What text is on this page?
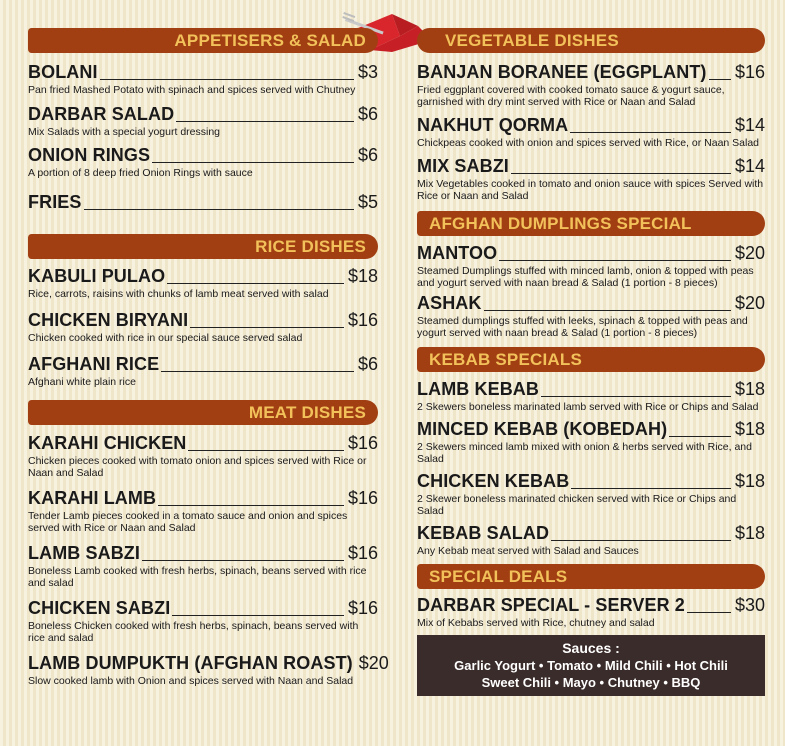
APPETISERS & SALAD
BOLANI	$3
Pan fried Mashed Potato with spinach and spices served with Chutney
DARBAR SALAD	$6
Mix Salads with a special yogurt dressing
ONION RINGS	$6
A portion of 8 deep fried Onion Rings with sauce
FRIES	$5
RICE DISHES
KABULI PULAO	$18
Rice, carrots, raisins with chunks of lamb meat served with salad
CHICKEN BIRYANI	$16
Chicken cooked with rice in our special sauce served salad
AFGHANI RICE	$6
Afghani white plain rice
MEAT DISHES
KARAHI CHICKEN	$16
Chicken pieces cooked with tomato onion and spices served with Rice or Naan and Salad
KARAHI LAMB	$16
Tender Lamb pieces cooked in a tomato sauce and onion and spices served with Rice or Naan and Salad
LAMB SABZI	$16
Boneless Lamb cooked with fresh herbs, spinach, beans served with rice and salad
CHICKEN SABZI	$16
Boneless Chicken cooked with fresh herbs, spinach, beans served with rice and salad
LAMB DUMPUKTH (AFGHAN ROAST) $20
Slow cooked lamb with Onion and spices served with Naan and Salad
VEGETABLE DISHES
BANJAN BORANEE (EGGPLANT) $16
Fried eggplant covered with cooked tomato sauce & yogurt sauce, garnished with dry mint served with Rice or Naan and Salad
NAKHUT QORMA	$14
Chickpeas cooked with onion and spices served with Rice, or Naan Salad
MIX SABZI	$14
Mix Vegetables cooked in tomato and onion sauce with spices Served with Rice or Naan and Salad
AFGHAN DUMPLINGS SPECIAL
MANTOO	$20
Steamed Dumplings stuffed with minced lamb, onion & topped with peas and yogurt served with naan bread & Salad (1 portion - 8 pieces)
ASHAK	$20
Steamed dumplings stuffed with leeks, spinach & topped with peas and yogurt served with naan bread & Salad (1 portion - 8 pieces)
KEBAB SPECIALS
LAMB KEBAB	$18
2 Skewers boneless marinated lamb served with Rice or Chips and Salad
MINCED KEBAB (KOBEDAH)	$18
2 Skewers minced lamb mixed with onion & herbs served with Rice, and Salad
CHICKEN KEBAB	$18
2 Skewer boneless marinated chicken served with Rice or Chips and Salad
KEBAB SALAD	$18
Any Kebab meat served with Salad and Sauces
SPECIAL DEALS
DARBAR SPECIAL - SERVER 2	$30
Mix of Kebabs served with Rice, chutney and salad
Sauces :
Garlic Yogurt • Tomato • Mild Chili • Hot Chili
Sweet Chili • Mayo • Chutney • BBQ
